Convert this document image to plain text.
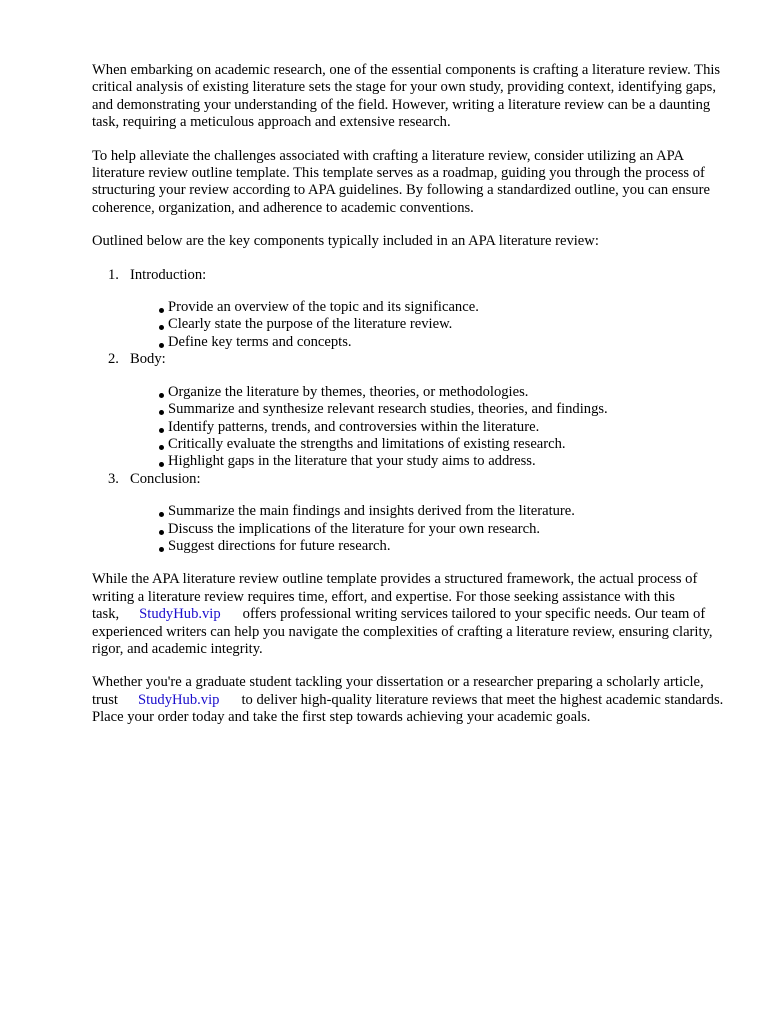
When embarking on academic research, one of the essential components is crafting a literature review. This critical analysis of existing literature sets the stage for your own study, providing context, identifying gaps, and demonstrating your understanding of the field. However, writing a literature review can be a daunting task, requiring a meticulous approach and extensive research.

To help alleviate the challenges associated with crafting a literature review, consider utilizing an APA literature review outline template. This template serves as a roadmap, guiding you through the process of structuring your review according to APA guidelines. By following a standardized outline, you can ensure coherence, organization, and adherence to academic conventions.

Outlined below are the key components typically included in an APA literature review:

1. Introduction:
Provide an overview of the topic and its significance.
Clearly state the purpose of the literature review.
Define key terms and concepts.
2. Body:
Organize the literature by themes, theories, or methodologies.
Summarize and synthesize relevant research studies, theories, and findings.
Identify patterns, trends, and controversies within the literature.
Critically evaluate the strengths and limitations of existing research.
Highlight gaps in the literature that your study aims to address.
3. Conclusion:
Summarize the main findings and insights derived from the literature.
Discuss the implications of the literature for your own research.
Suggest directions for future research.

While the APA literature review outline template provides a structured framework, the actual process of writing a literature review requires time, effort, and expertise. For those seeking assistance with this task, StudyHub.vip offers professional writing services tailored to your specific needs. Our team of experienced writers can help you navigate the complexities of crafting a literature review, ensuring clarity, rigor, and academic integrity.

Whether you're a graduate student tackling your dissertation or a researcher preparing a scholarly article, trust StudyHub.vip to deliver high-quality literature reviews that meet the highest academic standards. Place your order today and take the first step towards achieving your academic goals.
